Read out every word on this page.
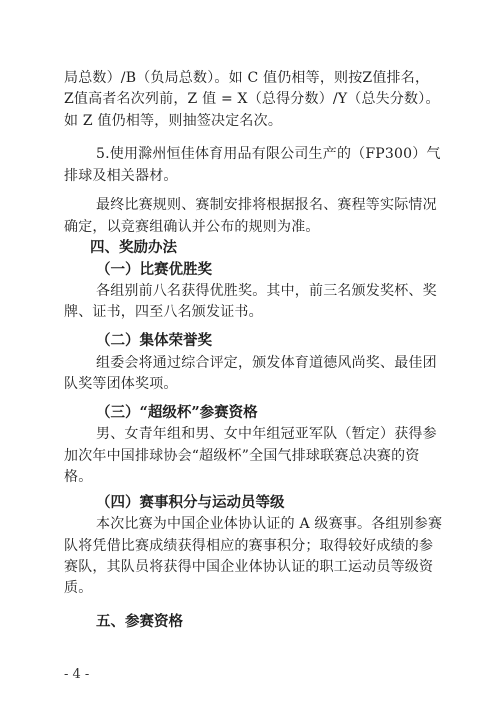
局总数）/B（负局总数）。如 C 值仍相等，则按Z值排名，
Z值高者名次列前，Z 值 = X（总得分数）/Y（总失分数）。
如 Z 值仍相等，则抽签决定名次。
5.使用滁州恒佳体育用品有限公司生产的（FP300）气
排球及相关器材。
最终比赛规则、赛制安排将根据报名、赛程等实际情况
确定，以竞赛组确认并公布的规则为准。
四、奖励办法
（一）比赛优胜奖
各组别前八名获得优胜奖。其中，前三名颁发奖杯、奖
牌、证书，四至八名颁发证书。
（二）集体荣誉奖
组委会将通过综合评定，颁发体育道德风尚奖、最佳团
队奖等团体奖项。
（三）“超级杯”参赛资格
男、女青年组和男、女中年组冠亚军队（暂定）获得参
加次年中国排球协会“超级杯”全国气排球联赛总决赛的资
格。
（四）赛事积分与运动员等级
本次比赛为中国企业体协认证的 A 级赛事。各组别参赛
队将凭借比赛成绩获得相应的赛事积分；取得较好成绩的参
赛队，其队员将获得中国企业体协认证的职工运动员等级资
质。
五、参赛资格
- 4 -
